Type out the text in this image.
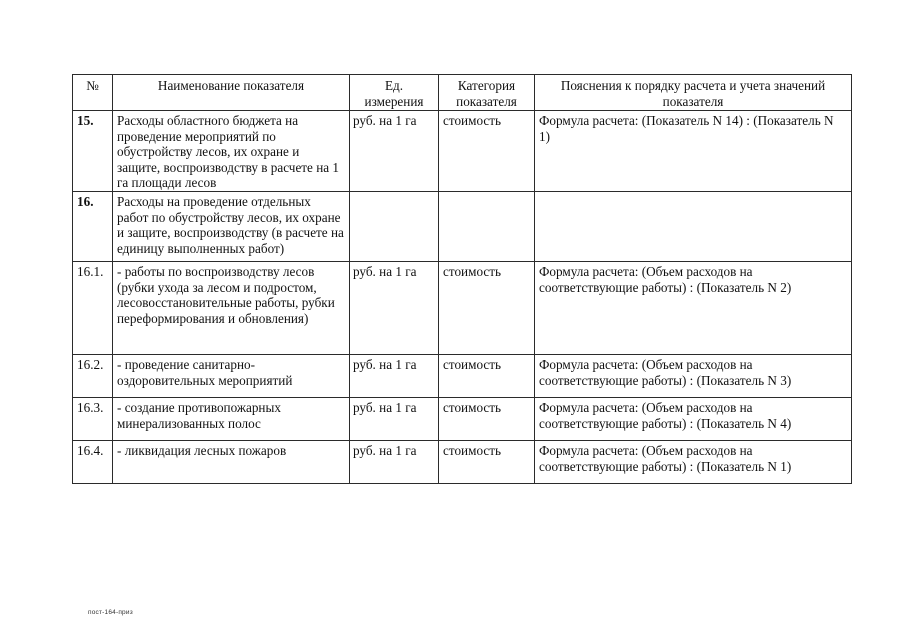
№	Наименование показателя	Ед. измерения	Категория показателя	Пояснения к порядку расчета и учета значений показателя
15.	Расходы областного бюджета на проведение мероприятий по обустройству лесов, их охране и защите, воспроизводству в расчете на 1 га площади лесов	руб. на 1 га	стоимость	Формула расчета: (Показатель N 14) : (Показатель N 1)
16.	Расходы на проведение отдельных работ по обустройству лесов, их охране и защите, воспроизводству (в расчете на единицу выполненных работ)			
16.1.	- работы по воспроизводству лесов (рубки ухода за лесом и подростом, лесовосстановительные работы, рубки переформирования и обновления)	руб. на 1 га	стоимость	Формула расчета: (Объем расходов на соответствующие работы) : (Показатель N 2)
16.2.	- проведение санитарно-оздоровительных мероприятий	руб. на 1 га	стоимость	Формула расчета: (Объем расходов на соответствующие работы) : (Показатель N 3)
16.3.	- создание противопожарных минерализованных полос	руб. на 1 га	стоимость	Формула расчета: (Объем расходов на соответствующие работы) : (Показатель N 4)
16.4.	- ликвидация лесных пожаров	руб. на 1 га	стоимость	Формула расчета: (Объем расходов на соответствующие работы) : (Показатель N 1)
пост-164-приз
